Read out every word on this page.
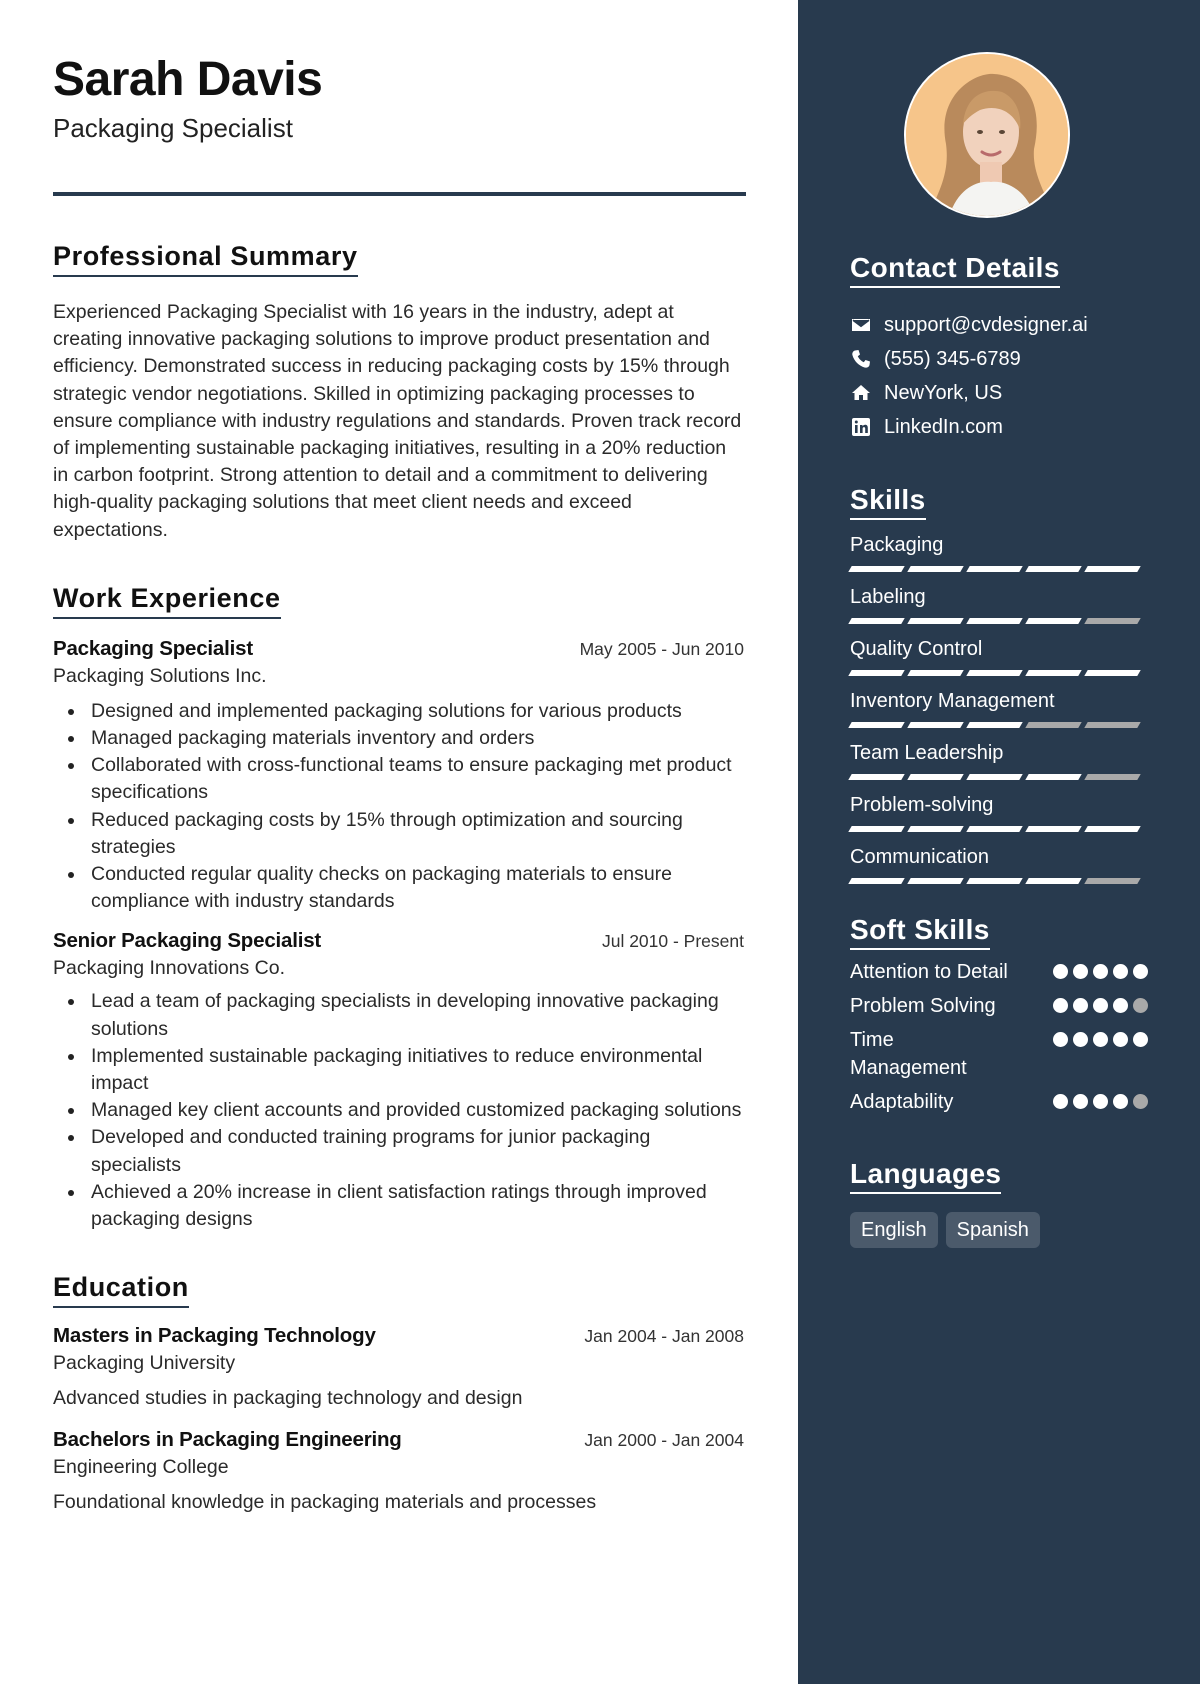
Sarah Davis
Packaging Specialist
Professional Summary

Experienced Packaging Specialist with 16 years in the industry, adept at creating innovative packaging solutions to improve product presentation and efficiency. Demonstrated success in reducing packaging costs by 15% through strategic vendor negotiations. Skilled in optimizing packaging processes to ensure compliance with industry regulations and standards. Proven track record of implementing sustainable packaging initiatives, resulting in a 20% reduction in carbon footprint. Strong attention to detail and a commitment to delivering high-quality packaging solutions that meet client needs and exceed expectations.

Work Experience
Packaging Specialist	May 2005 - Jun 2010
Packaging Solutions Inc.
Designed and implemented packaging solutions for various products
Managed packaging materials inventory and orders
Collaborated with cross-functional teams to ensure packaging met product specifications
Reduced packaging costs by 15% through optimization and sourcing strategies
Conducted regular quality checks on packaging materials to ensure compliance with industry standards
Senior Packaging Specialist	Jul 2010 - Present
Packaging Innovations Co.
Lead a team of packaging specialists in developing innovative packaging solutions
Implemented sustainable packaging initiatives to reduce environmental impact
Managed key client accounts and provided customized packaging solutions
Developed and conducted training programs for junior packaging specialists
Achieved a 20% increase in client satisfaction ratings through improved packaging designs
Education
Masters in Packaging Technology	Jan 2004 - Jan 2008
Packaging University
Advanced studies in packaging technology and design
Bachelors in Packaging Engineering	Jan 2000 - Jan 2004
Engineering College
Foundational knowledge in packaging materials and processes
Contact Details
support@cvdesigner.ai
(555) 345-6789
NewYork, US
LinkedIn.com
Skills
Packaging
Labeling
Quality Control
Inventory Management
Team Leadership
Problem-solving
Communication
Soft Skills
Attention to Detail
Problem Solving
Time Management
Adaptability
Languages
English	Spanish
